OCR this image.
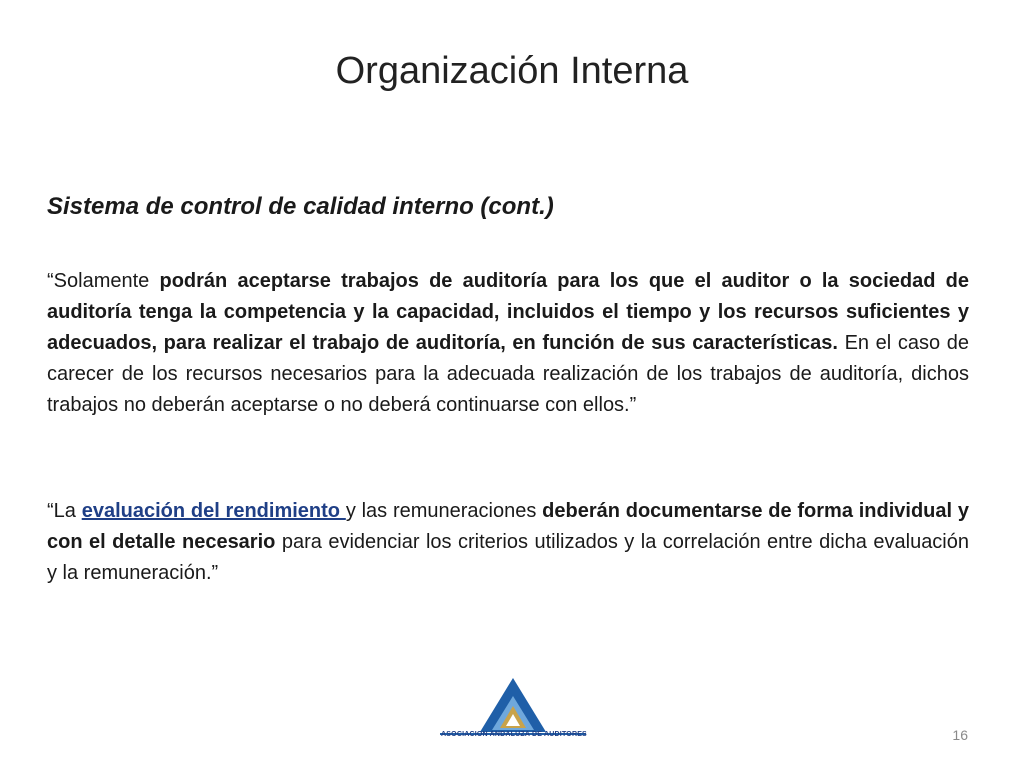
Organización Interna
Sistema de control de calidad interno (cont.)
“Solamente podrán aceptarse trabajos de auditoría para los que el auditor o la sociedad de auditoría tenga la competencia y la capacidad, incluidos el tiempo y los recursos suficientes y adecuados, para realizar el trabajo de auditoría, en función de sus características. En el caso de carecer de los recursos necesarios para la adecuada realización de los trabajos de auditoría, dichos trabajos no deberán aceptarse o no deberá continuarse con ellos.”
“La evaluación del rendimiento y las remuneraciones deberán documentarse de forma individual y con el detalle necesario para evidenciar los criterios utilizados y la correlación entre dicha evaluación y la remuneración.”
ASOCIACION ANDALUZA DE AUDITORES	16
